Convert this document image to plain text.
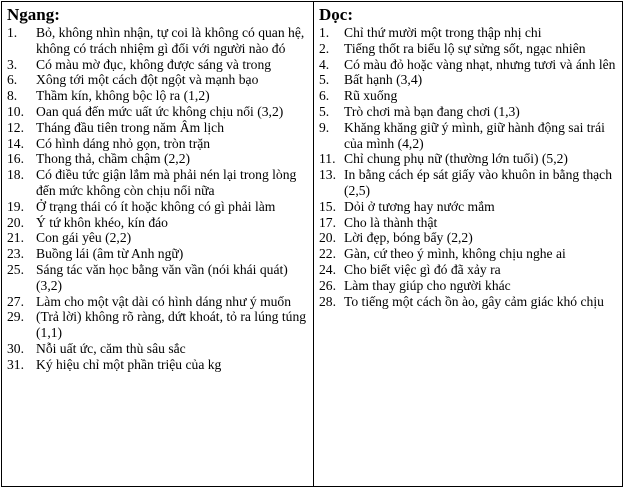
Ngang:
1. Bỏ, không nhìn nhận, tự coi là không có quan hệ, không có trách nhiệm gì đối với người nào đó
3. Có màu mờ đục, không được sáng và trong
6. Xông tới một cách đột ngột và mạnh bạo
8. Thầm kín, không bộc lộ ra (1,2)
10. Oan quá đến mức uất ức không chịu nổi (3,2)
12. Tháng đầu tiên trong năm Âm lịch
14. Có hình dáng nhỏ gọn, tròn trặn
16. Thong thả, chầm chậm (2,2)
18. Có điều tức giận lắm mà phải nén lại trong lòng đến mức không còn chịu nổi nữa
19. Ở trạng thái có ít hoặc không có gì phải làm
20. Ý tứ khôn khéo, kín đáo
21. Con gái yêu (2,2)
23. Buồng lái (âm từ Anh ngữ)
25. Sáng tác văn học bằng văn vần (nói khái quát) (3,2)
27. Làm cho một vật dài có hình dáng như ý muốn
29. (Trả lời) không rõ ràng, dứt khoát, tỏ ra lúng túng (1,1)
30. Nỗi uất ức, căm thù sâu sắc
31. Ký hiệu chỉ một phần triệu của kg
Dọc:
1. Chỉ thứ mười một trong thập nhị chi
2. Tiếng thốt ra biểu lộ sự sửng sốt, ngạc nhiên
4. Có màu đỏ hoặc vàng nhạt, nhưng tươi và ánh lên
5. Bất hạnh (3,4)
6. Rũ xuống
5. Trò chơi mà bạn đang chơi (1,3)
9. Khăng khăng giữ ý mình, giữ hành động sai trái của mình (4,2)
11. Chỉ chung phụ nữ (thường lớn tuổi) (5,2)
13. In bằng cách ép sát giấy vào khuôn in bằng thạch (2,5)
15. Dỏi ở tương hay nước mắm
17. Cho là thành thật
20. Lời đẹp, bóng bẩy (2,2)
22. Gàn, cứ theo ý mình, không chịu nghe ai
24. Cho biết việc gì đó đã xảy ra
26. Làm thay giúp cho người khác
28. To tiếng một cách ồn ào, gây cảm giác khó chịu
